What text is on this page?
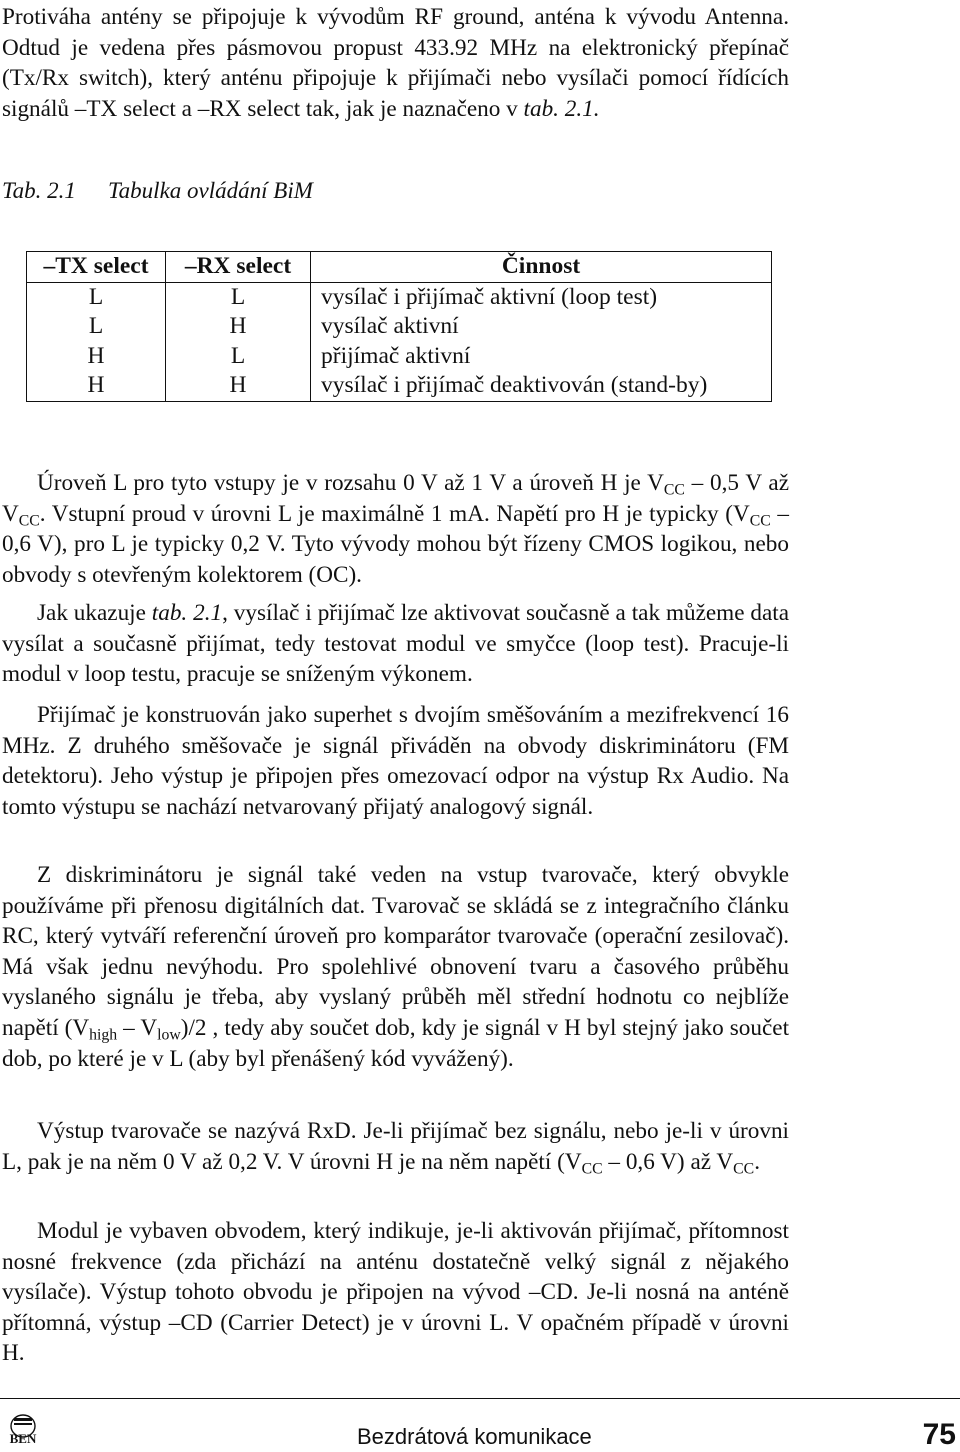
Protiváha antény se připojuje k vývodům RF ground, anténa k vývodu Antenna. Odtud je vedena přes pásmovou propust 433.92 MHz na elektronický přepínač (Tx/Rx switch), který anténu připojuje k přijímači nebo vysílači pomocí řídících signálů –TX select a –RX select tak, jak je naznačeno v tab. 2.1.

Tab. 2.1 Tabulka ovládání BiM
–TX select	–RX select	Činnost
L	L	vysílač i přijímač aktivní (loop test)
L	H	vysílač aktivní
H	L	přijímač aktivní
H	H	vysílač i přijímač deaktivován (stand-by)

Úroveň L pro tyto vstupy je v rozsahu 0 V až 1 V a úroveň H je $V_{CC} - 0,5$ V až $V_{CC}$. Vstupní proud v úrovni L je maximálně 1 mA. Napětí pro H je typicky ($V_{CC} - 0,6$ V), pro L je typicky 0,2 V. Tyto vývody mohou být řízeny CMOS logikou, nebo obvody s otevřeným kolektorem (OC).

Jak ukazuje tab. 2.1, vysílač i přijímač lze aktivovat současně a tak můžeme data vysílat a současně přijímat, tedy testovat modul ve smyčce (loop test). Pracuje-li modul v loop testu, pracuje se sníženým výkonem.

Přijímač je konstruován jako superhet s dvojím směšováním a mezifrekvencí 16 MHz. Z druhého směšovače je signál přiváděn na obvody diskriminátoru (FM detektoru). Jeho výstup je připojen přes omezovací odpor na výstup Rx Audio. Na tomto výstupu se nachází netvarovaný přijatý analogový signál.

Z diskriminátoru je signál také veden na vstup tvarovače, který obvykle používáme při přenosu digitálních dat. Tvarovač se skládá se z integračního článku RC, který vytváří referenční úroveň pro komparátor tvarovače (operační zesilovač). Má však jednu nevýhodu. Pro spolehlivé obnovení tvaru a časového průběhu vyslaného signálu je třeba, aby vyslaný průběh měl střední hodnotu co nejblíže napětí $(V_{high} - V_{low})/2$ , tedy aby součet dob, kdy je signál v H byl stejný jako součet dob, po které je v L (aby byl přenášený kód vyvážený).

Výstup tvarovače se nazývá RxD. Je-li přijímač bez signálu, nebo je-li v úrovni L, pak je na něm 0 V až 0,2 V. V úrovni H je na něm napětí ($V_{CC} - 0,6$ V) až $V_{CC}$.

Modul je vybaven obvodem, který indikuje, je-li aktivován přijímač, přítomnost nosné frekvence (zda přichází na anténu dostatečně velký signál z nějakého vysílače). Výstup tohoto obvodu je připojen na vývod –CD. Je-li nosná na anténě přítomná, výstup –CD (Carrier Detect) je v úrovni L. V opačném případě v úrovni H.

BEN	Bezdrátová komunikace	75
